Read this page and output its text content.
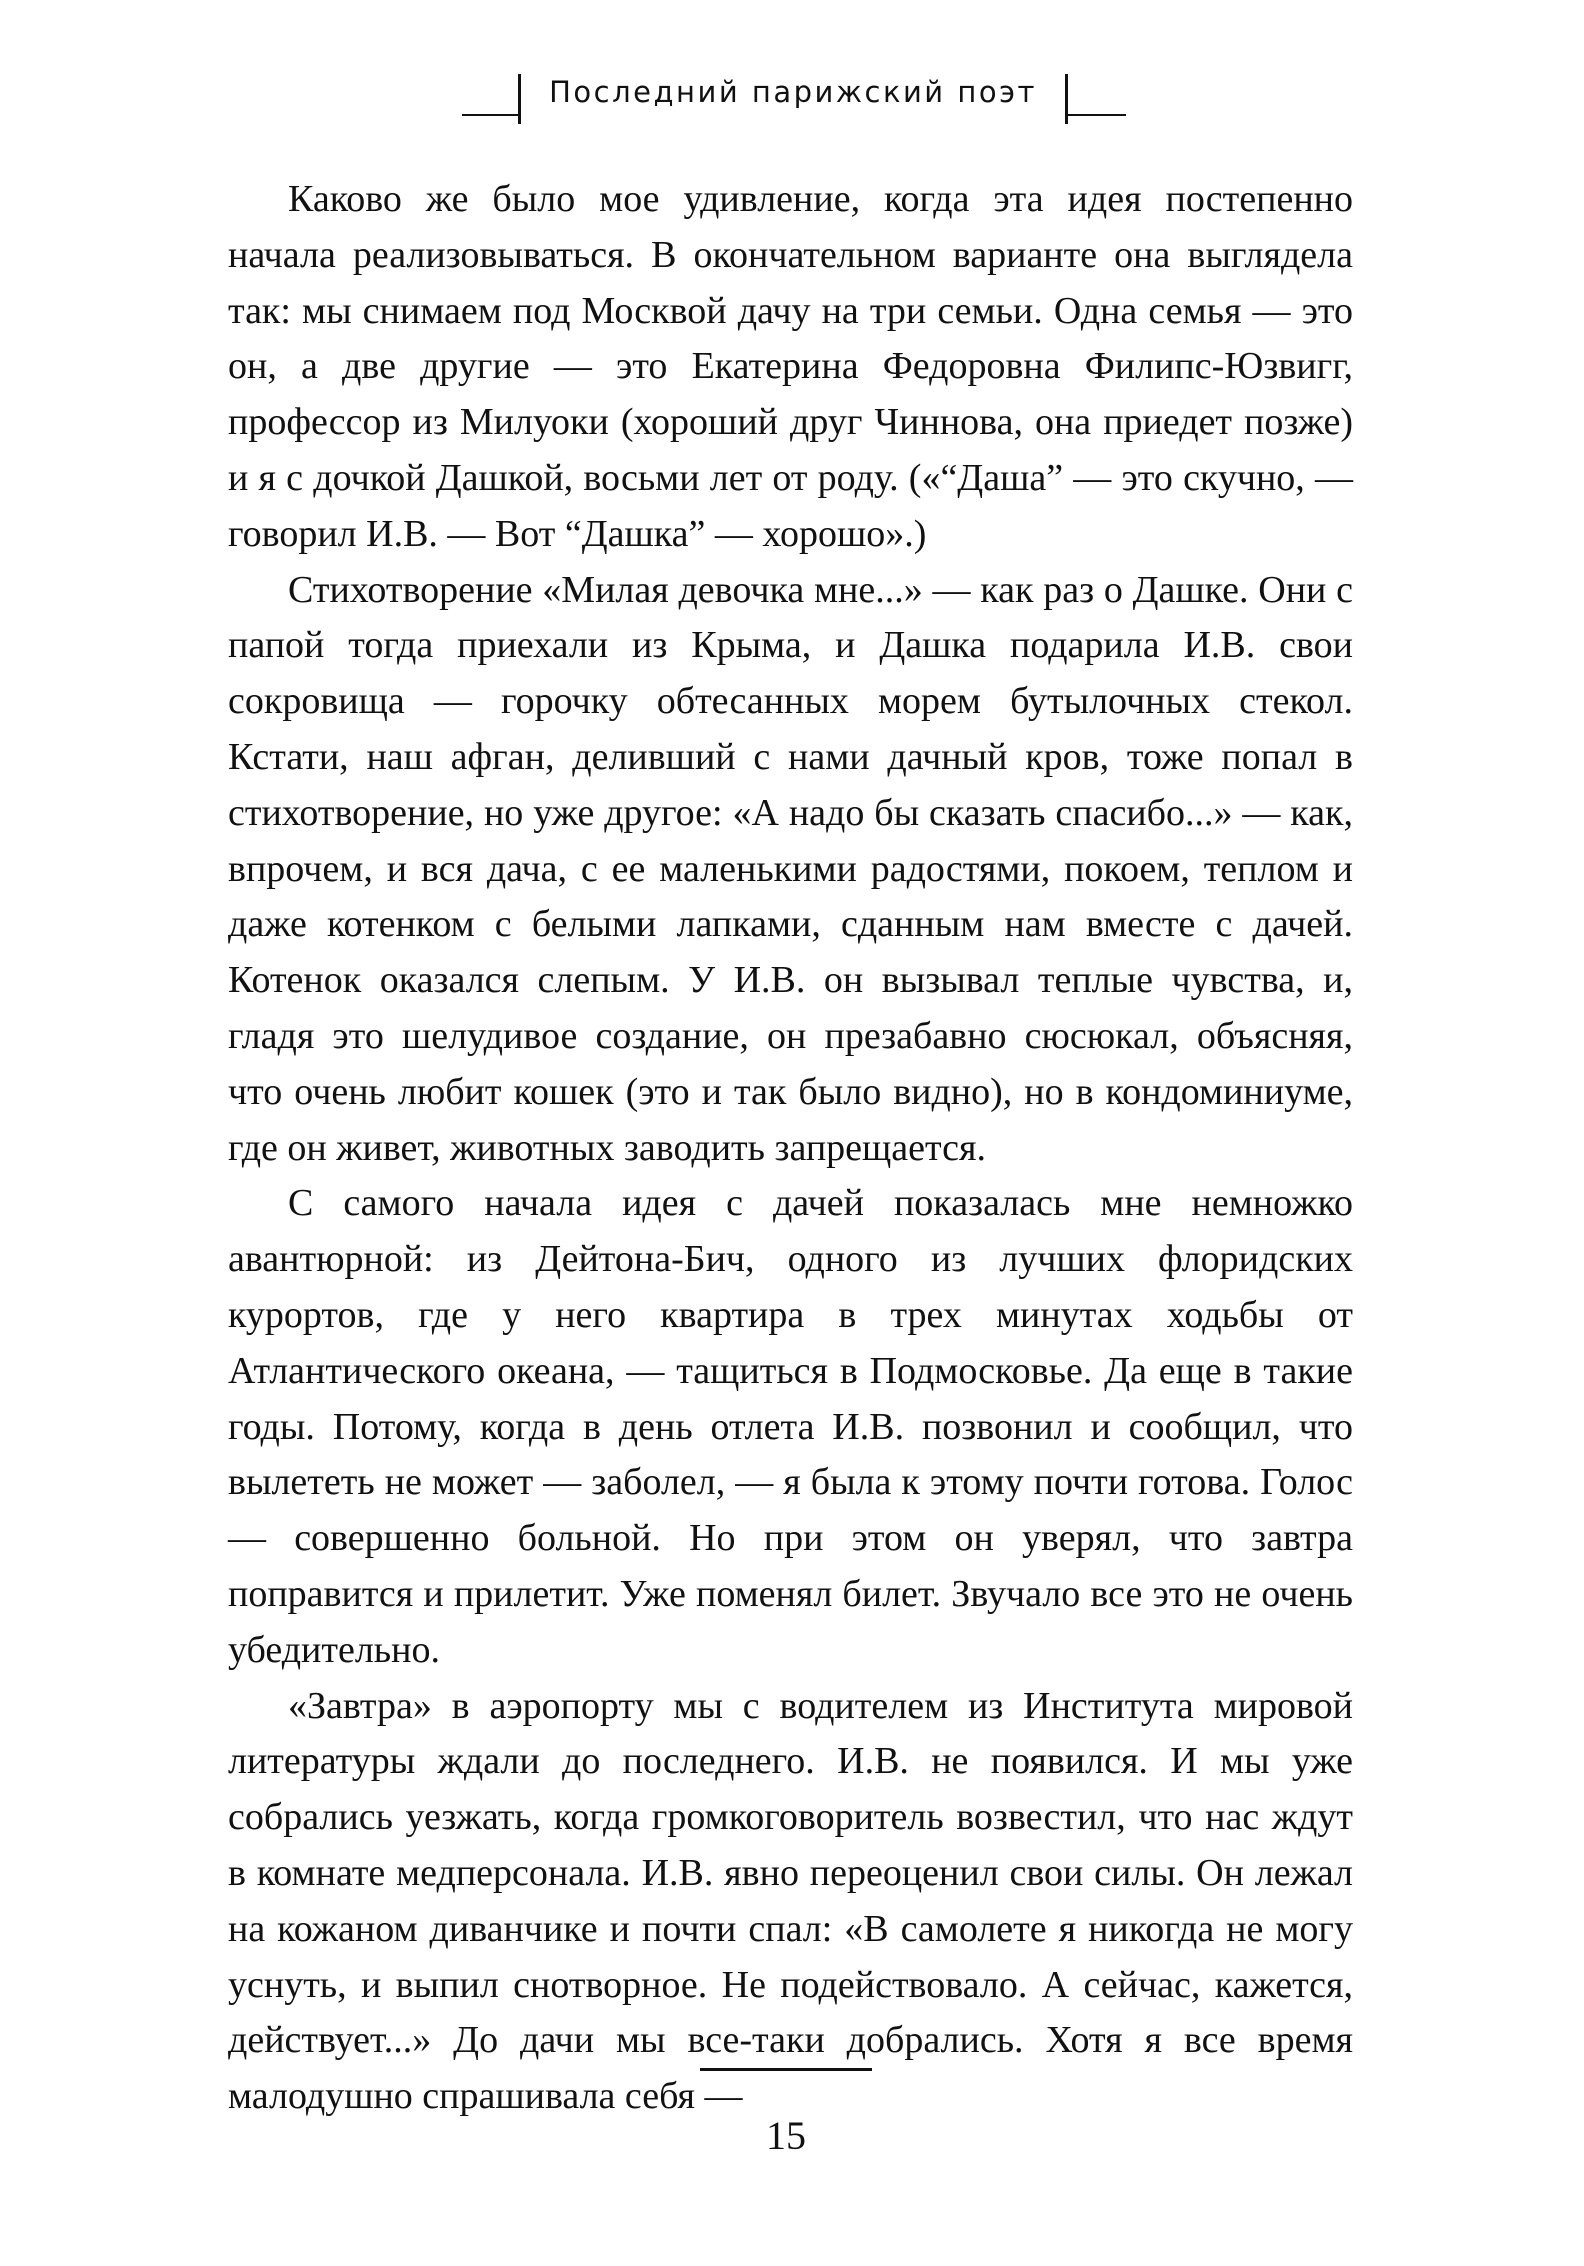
Последний парижский поэт

Каково же было мое удивление, когда эта идея постепенно начала реализовываться. В окончательном варианте она выглядела так: мы снимаем под Москвой дачу на три семьи. Одна семья — это он, а две другие — это Екатерина Федоровна Филипс-Юзвигг, профессор из Милуоки (хороший друг Чиннова, она приедет позже) и я с дочкой Дашкой, восьми лет от роду. («“Даша” — это скучно, — говорил И.В. — Вот “Дашка” — хорошо».)

Стихотворение «Милая девочка мне...» — как раз о Дашке. Они с папой тогда приехали из Крыма, и Дашка подарила И.В. свои сокровища — горочку обтесанных морем бутылочных стекол. Кстати, наш афган, деливший с нами дачный кров, тоже попал в стихотворение, но уже другое: «А надо бы сказать спасибо...» — как, впрочем, и вся дача, с ее маленькими радостями, покоем, теплом и даже котенком с белыми лапками, сданным нам вместе с дачей. Котенок оказался слепым. У И.В. он вызывал теплые чувства, и, гладя это шелудивое создание, он презабавно сюсюкал, объясняя, что очень любит кошек (это и так было видно), но в кондоминиуме, где он живет, животных заводить запрещается.

С самого начала идея с дачей показалась мне немножко авантюрной: из Дейтона-Бич, одного из лучших флоридских курортов, где у него квартира в трех минутах ходьбы от Атлантического океана, — тащиться в Подмосковье. Да еще в такие годы. Потому, когда в день отлета И.В. позвонил и сообщил, что вылететь не может — заболел, — я была к этому почти готова. Голос — совершенно больной. Но при этом он уверял, что завтра поправится и прилетит. Уже поменял билет. Звучало все это не очень убедительно.

«Завтра» в аэропорту мы с водителем из Института мировой литературы ждали до последнего. И.В. не появился. И мы уже собрались уезжать, когда громкоговоритель возвестил, что нас ждут в комнате медперсонала. И.В. явно переоценил свои силы. Он лежал на кожаном диванчике и почти спал: «В самолете я никогда не могу уснуть, и выпил снотворное. Не подействовало. А сейчас, кажется, действует...» До дачи мы все-таки добрались. Хотя я все время малодушно спрашивала себя —

15
